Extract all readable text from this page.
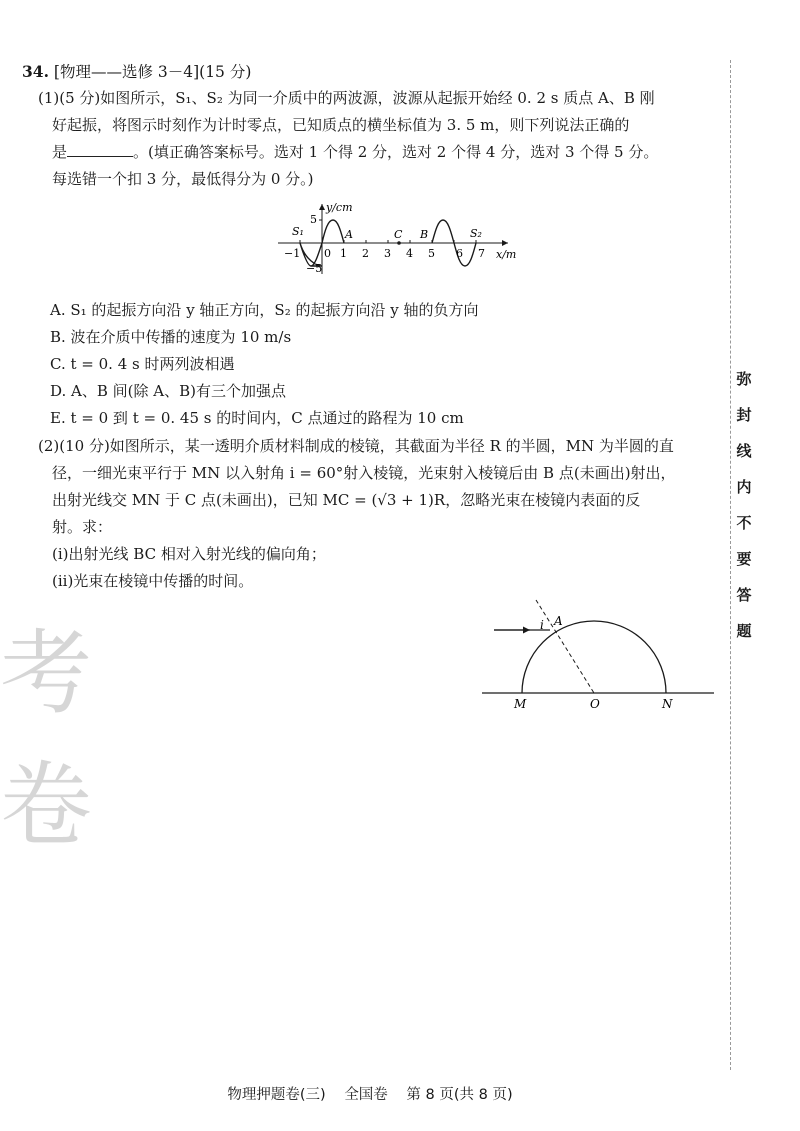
34. [物理——选修 3－4](15 分)
(1)(5 分)如图所示，S₁、S₂ 为同一介质中的两波源，波源从起振开始经 0. 2 s 质点 A、B 刚
好起振，将图示时刻作为计时零点，已知质点的横坐标值为 3. 5 m，则下列说法正确的
是	。(填正确答案标号。选对 1 个得 2 分，选对 2 个得 4 分，选对 3 个得 5 分。
每选错一个扣 3 分，最低得分为 0 分。)
y/cm
x/m
5
−5
S₁	S₂
A	B
C
−1 0 1 2 3 4 5 6 7
A. S₁ 的起振方向沿 y 轴正方向，S₂ 的起振方向沿 y 轴的负方向
B. 波在介质中传播的速度为 10 m/s
C. t = 0. 4 s 时两列波相遇
D. A、B 间(除 A、B)有三个加强点
E. t = 0 到 t = 0. 45 s 的时间内，C 点通过的路程为 10 cm
(2)(10 分)如图所示，某一透明介质材料制成的棱镜，其截面为半径 R 的半圆，MN 为半圆的直
径，一细光束平行于 MN 以入射角 i = 60°射入棱镜，光束射入棱镜后由 B 点(未画出)射出，
出射光线交 MN 于 C 点(未画出)，已知 MC = (√3 + 1)R，忽略光束在棱镜内表面的反
射。求：
(i)出射光线 BC 相对入射光线的偏向角；
(ii)光束在棱镜中传播的时间。
考卷
i A
M	O	N
弥
封
线
内
不
要
答
题
物理押题卷(三) 全国卷 第 8 页(共 8 页)
